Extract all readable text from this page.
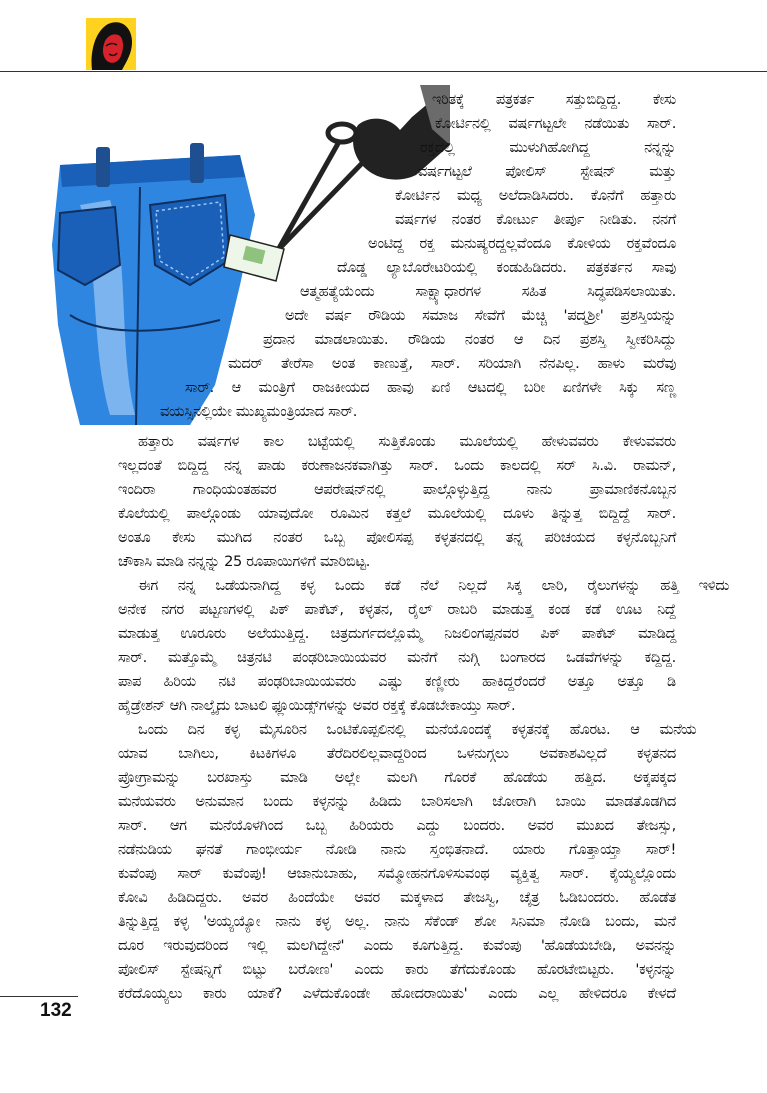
ಇರಿತಕ್ಕೆ ಪತ್ರಕರ್ತ ಸತ್ತುಬಿದ್ದಿದ್ದ. ಕೇಸು
ಕೋರ್ಟಿನಲ್ಲಿ ವರ್ಷಗಟ್ಟಲೇ ನಡೆಯಿತು ಸಾರ್.
ರಕ್ತದಲ್ಲಿ	ಮುಳುಗಿಹೋಗಿದ್ದ	ನನ್ನನ್ನು
ವರ್ಷಗಟ್ಟಲೆ ಪೋಲಿಸ್ ಸ್ಟೇಷನ್ ಮತ್ತು
ಕೋರ್ಟಿನ ಮಧ್ಯ ಅಲೆದಾಡಿಸಿದರು. ಕೊನೆಗೆ ಹತ್ತಾರು
ವರ್ಷಗಳ ನಂತರ ಕೋರ್ಟು ತೀರ್ಪು ನೀಡಿತು. ನನಗೆ
ಅಂಟಿದ್ದ ರಕ್ತ ಮನುಷ್ಯರದ್ದಲ್ಲವೆಂದೂ ಕೋಳಿಯ ರಕ್ತವೆಂದೂ
ದೊಡ್ಡ ಲ್ಯಾಬೊರೇಟರಿಯಲ್ಲಿ ಕಂಡುಹಿಡಿದರು. ಪತ್ರಕರ್ತನ ಸಾವು
ಆತ್ಮಹತ್ಯೆಯೆಂದು	ಸಾಕ್ಷ್ಯಾಧಾರಗಳ	ಸಹಿತ	ಸಿದ್ಧಪಡಿಸಲಾಯಿತು.
ಅದೇ ವರ್ಷ ರೌಡಿಯ ಸಮಾಜ ಸೇವೆಗೆ ಮೆಚ್ಚಿ 'ಪದ್ಮಶ್ರೀ' ಪ್ರಶಸ್ತಿಯನ್ನು
ಪ್ರದಾನ ಮಾಡಲಾಯಿತು. ರೌಡಿಯ ನಂತರ ಆ ದಿನ ಪ್ರಶಸ್ತಿ ಸ್ವೀಕರಿಸಿದ್ದು
ಮದರ್ ತೇರೆಸಾ ಅಂತ ಕಾಣುತ್ತೆ, ಸಾರ್. ಸರಿಯಾಗಿ ನೆನಪಿಲ್ಲ. ಹಾಳು ಮರೆವು
ಸಾರ್. ಆ ಮಂತ್ರಿಗೆ ರಾಜಕೀಯದ ಹಾವು ಏಣಿ ಆಟದಲ್ಲಿ ಬರೀ ಏಣಿಗಳೇ ಸಿಕ್ಕು ಸಣ್ಣ
ವಯಸ್ಸಿನಲ್ಲಿಯೇ ಮುಖ್ಯಮಂತ್ರಿಯಾದ ಸಾರ್.
ಹತ್ತಾರು	ವರ್ಷಗಳ	ಕಾಲ	ಬಟ್ಟೆಯಲ್ಲಿ	ಸುತ್ತಿಕೊಂಡು	ಮೂಲೆಯಲ್ಲಿ	ಹೇಳುವವರು	ಕೇಳುವವರು
ಇಲ್ಲದಂತೆ ಬಿದ್ದಿದ್ದ ನನ್ನ ಪಾಡು ಕರುಣಾಜನಕವಾಗಿತ್ತು ಸಾರ್. ಒಂದು ಕಾಲದಲ್ಲಿ ಸರ್ ಸಿ.ವಿ. ರಾಮನ್,
ಇಂದಿರಾ	ಗಾಂಧಿಯಂತಹವರ	ಆಪರೇಷನ್‌ನಲ್ಲಿ	ಪಾಲ್ಗೊಳ್ಳುತ್ತಿದ್ದ	ನಾನು	ಪ್ರಾಮಾಣಿಕನೊಬ್ಬನ
ಕೊಲೆಯಲ್ಲಿ ಪಾಲ್ಗೊಂಡು ಯಾವುದೋ ರೂಮಿನ ಕತ್ತಲೆ ಮೂಲೆಯಲ್ಲಿ ದೂಳು ತಿನ್ನುತ್ತ ಬಿದ್ದಿದ್ದೆ ಸಾರ್.
ಅಂತೂ ಕೇಸು ಮುಗಿದ ನಂತರ ಒಬ್ಬ ಪೋಲಿಸಪ್ಪ ಕಳ್ಳತನದಲ್ಲಿ ತನ್ನ ಪರಿಚಯದ ಕಳ್ಳನೊಬ್ಬನಿಗೆ
ಚೌಕಾಸಿ ಮಾಡಿ ನನ್ನನ್ನು 25 ರೂಪಾಯಿಗಳಿಗೆ ಮಾರಿಬಿಟ್ಟ.
ಈಗ	ನನ್ನ	ಒಡೆಯನಾಗಿದ್ದ	ಕಳ್ಳ	ಒಂದು	ಕಡೆ	ನೆಲೆ	ನಿಲ್ಲದೆ	ಸಿಕ್ಕ	ಲಾರಿ,	ರೈಲುಗಳನ್ನು	ಹತ್ತಿ	ಇಳಿದು
ಅನೇಕ ನಗರ ಪಟ್ಟಣಗಳಲ್ಲಿ ಪಿಕ್ ಪಾಕೆಟ್, ಕಳ್ಳತನ, ರೈಲ್ ರಾಬರಿ ಮಾಡುತ್ತ ಕಂಡ ಕಡೆ ಊಟ ನಿದ್ದೆ
ಮಾಡುತ್ತ ಊರೂರು ಅಲೆಯುತ್ತಿದ್ದ. ಚಿತ್ರದುರ್ಗದಲ್ಲೊಮ್ಮೆ ನಿಜಲಿಂಗಪ್ಪನವರ ಪಿಕ್ ಪಾಕೆಟ್ ಮಾಡಿದ್ದ
ಸಾರ್. ಮತ್ತೊಮ್ಮೆ ಚಿತ್ರನಟಿ ಪಂಢರಿಬಾಯಿಯವರ ಮನೆಗೆ ನುಗ್ಗಿ ಬಂಗಾರದ ಒಡವೆಗಳನ್ನು ಕದ್ದಿದ್ದ.
ಪಾಪ ಹಿರಿಯ ನಟಿ ಪಂಢರಿಬಾಯಿಯವರು ಎಷ್ಟು ಕಣ್ಣೀರು ಹಾಕಿದ್ದರೆಂದರೆ ಅತ್ತೂ ಅತ್ತೂ ಡಿ
ಹೈಡ್ರೇಶನ್ ಆಗಿ ನಾಲ್ಕೈದು ಬಾಟಲಿ ಫ್ಲೂಯಿಡ್ಸ್‌ಗಳನ್ನು ಅವರ ರಕ್ತಕ್ಕೆ ಕೊಡಬೇಕಾಯ್ತು ಸಾರ್.
ಒಂದು	ದಿನ	ಕಳ್ಳ	ಮೈಸೂರಿನ	ಒಂಟಿಕೊಪ್ಪಲಿನಲ್ಲಿ	ಮನೆಯೊಂದಕ್ಕೆ	ಕಳ್ಳತನಕ್ಕೆ	ಹೊರಟ.	ಆ	ಮನೆಯ
ಯಾವ ಬಾಗಿಲು, ಕಿಟಕಿಗಳೂ ತೆರೆದಿರಲಿಲ್ಲವಾದ್ದರಿಂದ ಒಳನುಗ್ಗಲು ಅವಕಾಶವಿಲ್ಲದೆ ಕಳ್ಳತನದ
ಪ್ರೋಗ್ರಾಮನ್ನು ಬರಖಾಸ್ತು ಮಾಡಿ ಅಲ್ಲೇ ಮಲಗಿ ಗೊರಕೆ ಹೊಡೆಯ ಹತ್ತಿದ. ಅಕ್ಕಪಕ್ಕದ
ಮನೆಯವರು ಅನುಮಾನ ಬಂದು ಕಳ್ಳನನ್ನು ಹಿಡಿದು ಬಾರಿಸಲಾಗಿ ಜೋರಾಗಿ ಬಾಯಿ ಮಾಡತೊಡಗಿದ
ಸಾರ್. ಆಗ ಮನೆಯೊಳಗಿಂದ ಒಬ್ಬ ಹಿರಿಯರು ಎದ್ದು ಬಂದರು. ಅವರ ಮುಖದ ತೇಜಸ್ಸು,
ನಡೆನುಡಿಯ ಘನತೆ ಗಾಂಭೀರ್ಯ ನೋಡಿ ನಾನು ಸ್ತಂಭಿತನಾದೆ. ಯಾರು ಗೊತ್ತಾ‌ಯ್ತಾ ಸಾರ್!
ಕುವೆಂಪು ಸಾರ್ ಕುವೆಂಪು! ಆಜಾನುಬಾಹು, ಸಮ್ಮೋಹನಗೊಳಿಸುವಂಥ ವ್ಯಕ್ತಿತ್ವ ಸಾರ್. ಕೈಯ್ಯಲ್ಲೊಂದು
ಕೋವಿ ಹಿಡಿದಿದ್ದರು. ಅವರ ಹಿಂದೆಯೇ ಅವರ ಮಕ್ಕಳಾದ ತೇಜಸ್ವಿ, ಚೈತ್ರ ಓಡಿಬಂದರು. ಹೊಡೆತ
ತಿನ್ನುತ್ತಿದ್ದ ಕಳ್ಳ 'ಅಯ್ಯಯ್ಯೋ ನಾನು ಕಳ್ಳ ಅಲ್ಲ. ನಾನು ಸೆಕೆಂಡ್ ಶೋ ಸಿನಿಮಾ ನೋಡಿ ಬಂದು, ಮನೆ
ದೂರ ಇರುವುದರಿಂದ ಇಲ್ಲಿ ಮಲಗಿದ್ದೇನೆ' ಎಂದು ಕೂಗುತ್ತಿದ್ದ. ಕುವೆಂಪು 'ಹೊಡೆಯಬೇಡಿ, ಅವನನ್ನು
ಪೋಲಿಸ್ ಸ್ಟೇಷನ್ನಿಗೆ ಬಿಟ್ಟು ಬರೋಣ' ಎಂದು ಕಾರು ತೆಗೆದುಕೊಂಡು ಹೊರಟೇಬಿಟ್ಟರು. 'ಕಳ್ಳನನ್ನು
ಕರೆದೊಯ್ಯಲು ಕಾರು ಯಾಕೆ? ಎಳೆದುಕೊಂಡೇ ಹೋದರಾಯಿತು' ಎಂದು ಎಲ್ಲ ಹೇಳಿದರೂ ಕೇಳದೆ
132
